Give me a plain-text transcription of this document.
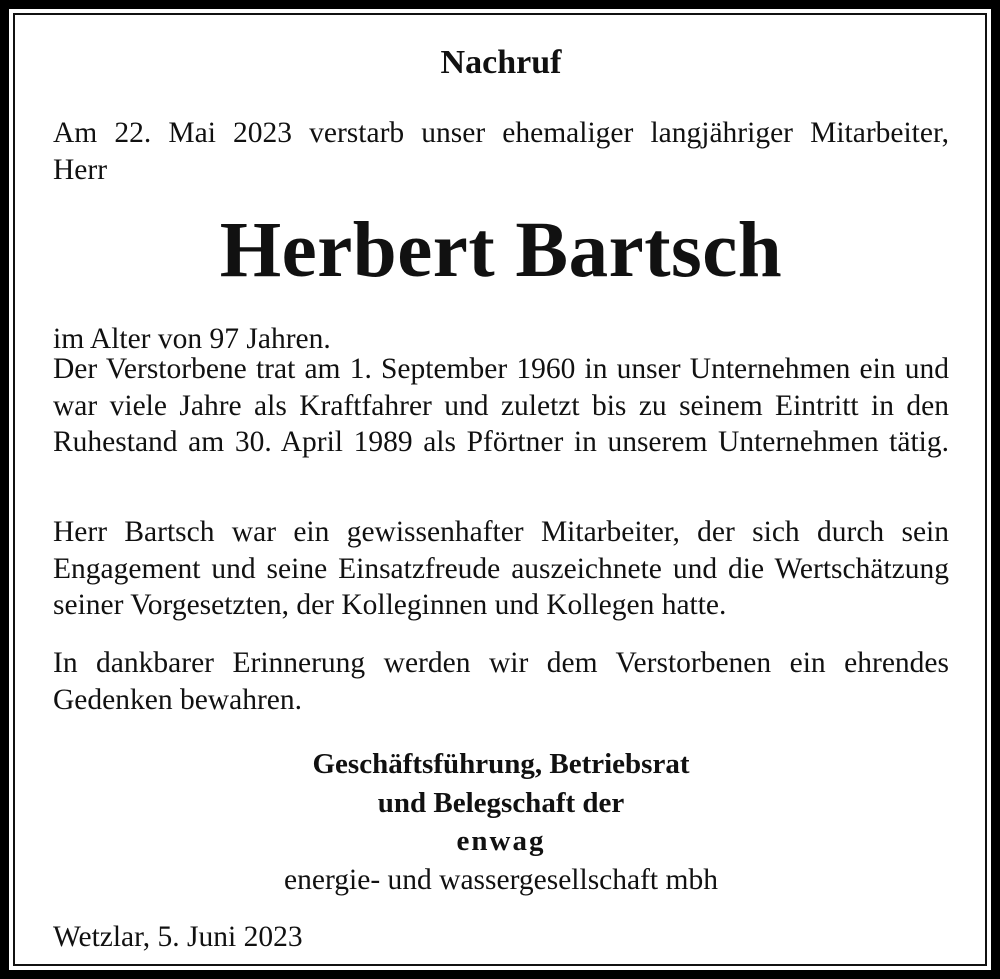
Nachruf
Am 22. Mai 2023 verstarb unser ehemaliger langjähriger Mitarbeiter,
Herr
Herbert Bartsch
im Alter von 97 Jahren.
Der Verstorbene trat am 1. September 1960 in unser Unternehmen ein und
war viele Jahre als Kraftfahrer und zuletzt bis zu seinem Eintritt in den
Ruhestand am 30. April 1989 als Pförtner in unserem Unternehmen tätig.
Herr Bartsch war ein gewissenhafter Mitarbeiter, der sich durch sein
Engagement und seine Einsatzfreude auszeichnete und die Wertschätzung
seiner Vorgesetzten, der Kolleginnen und Kollegen hatte.
In dankbarer Erinnerung werden wir dem Verstorbenen ein ehrendes
Gedenken bewahren.
Geschäftsführung, Betriebsrat
und Belegschaft der
enwag
energie- und wassergesellschaft mbh
Wetzlar, 5. Juni 2023
